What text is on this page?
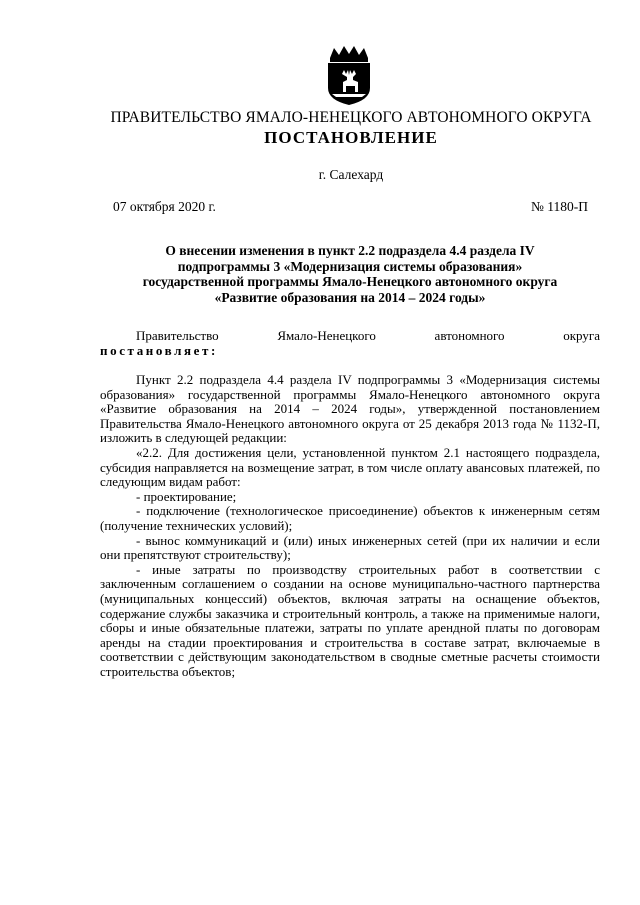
ПРАВИТЕЛЬСТВО ЯМАЛО-НЕНЕЦКОГО АВТОНОМНОГО ОКРУГА
ПОСТАНОВЛЕНИЕ
г. Салехард
07 октября 2020 г.	№ 1180-П
О внесении изменения в пункт 2.2 подраздела 4.4 раздела IV
подпрограммы 3 «Модернизация системы образования»
государственной программы Ямало-Ненецкого автономного округа
«Развитие образования на 2014 – 2024 годы»
Правительство Ямало-Ненецкого автономного округа
постановляет:

Пункт 2.2 подраздела 4.4 раздела IV подпрограммы 3 «Модернизация системы образования» государственной программы Ямало-Ненецкого автономного округа «Развитие образования на 2014 – 2024 годы», утвержденной постановлением Правительства Ямало-Ненецкого автономного округа от 25 декабря 2013 года № 1132-П, изложить в следующей редакции:

«2.2. Для достижения цели, установленной пунктом 2.1 настоящего подраздела, субсидия направляется на возмещение затрат, в том числе оплату авансовых платежей, по следующим видам работ:

- проектирование;

- подключение (технологическое присоединение) объектов к инженерным сетям (получение технических условий);

- вынос коммуникаций и (или) иных инженерных сетей (при их наличии и если они препятствуют строительству);

- иные затраты по производству строительных работ в соответствии с заключенным соглашением о создании на основе муниципально-частного партнерства (муниципальных концессий) объектов, включая затраты на оснащение объектов, содержание службы заказчика и строительный контроль, а также на применимые налоги, сборы и иные обязательные платежи, затраты по уплате арендной платы по договорам аренды на стадии проектирования и строительства в составе затрат, включаемые в соответствии с действующим законодательством в сводные сметные расчеты стоимости строительства объектов;
